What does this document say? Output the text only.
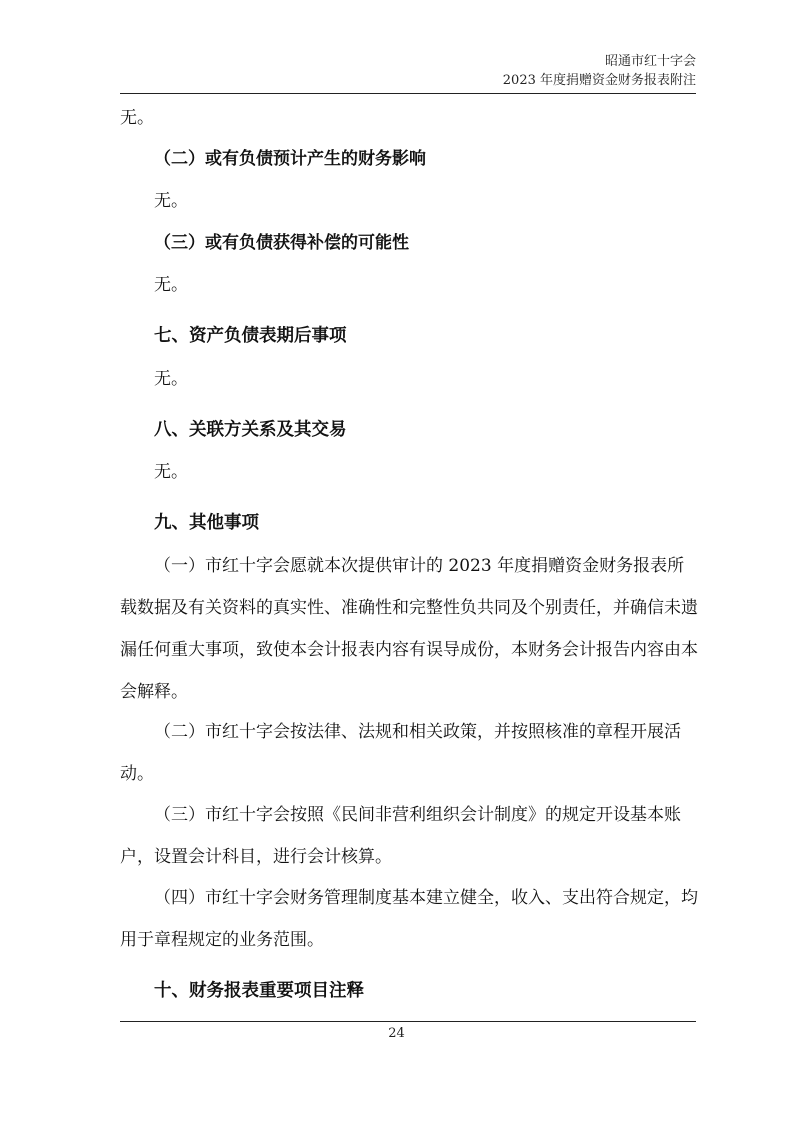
昭通市红十字会
2023 年度捐赠资金财务报表附注

无。

（二）或有负债预计产生的财务影响

无。

（三）或有负债获得补偿的可能性

无。

七、资产负债表期后事项

无。

八、关联方关系及其交易

无。

九、其他事项

（一）市红十字会愿就本次提供审计的 2023 年度捐赠资金财务报表所载数据及有关资料的真实性、准确性和完整性负共同及个别责任，并确信未遗漏任何重大事项，致使本会计报表内容有误导成份，本财务会计报告内容由本会解释。

（二）市红十字会按法律、法规和相关政策，并按照核准的章程开展活动。

（三）市红十字会按照《民间非营利组织会计制度》的规定开设基本账户，设置会计科目，进行会计核算。

（四）市红十字会财务管理制度基本建立健全，收入、支出符合规定，均用于章程规定的业务范围。

十、财务报表重要项目注释

24
